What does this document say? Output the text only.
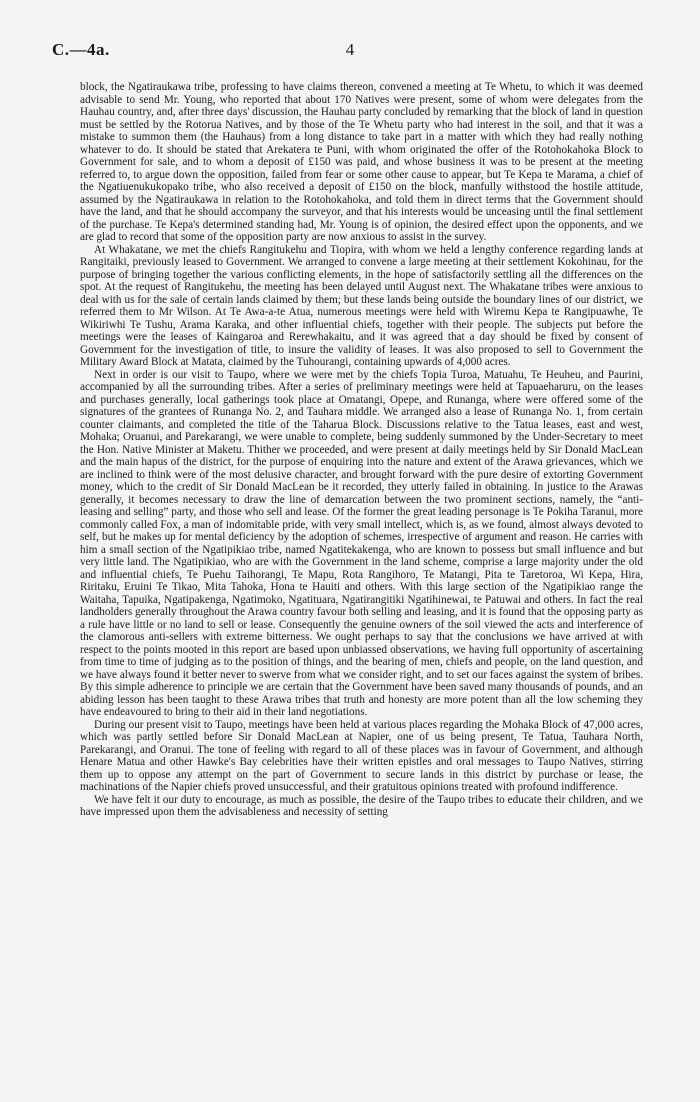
C.—4a.	4

block, the Ngatiraukawa tribe, professing to have claims thereon, convened a meeting at Te Whetu, to which it was deemed advisable to send Mr. Young, who reported that about 170 Natives were present, some of whom were delegates from the Hauhau country, and, after three days' discussion, the Hauhau party concluded by remarking that the block of land in question must be settled by the Rotorua Natives, and by those of the Te Whetu party who had interest in the soil, and that it was a mistake to summon them (the Hauhaus) from a long distance to take part in a matter with which they had really nothing whatever to do. It should be stated that Arekatera te Puni, with whom originated the offer of the Rotohokahoka Block to Government for sale, and to whom a deposit of £150 was paid, and whose business it was to be present at the meeting referred to, to argue down the opposition, failed from fear or some other cause to appear, but Te Kepa te Marama, a chief of the Ngatiuenukukopako tribe, who also received a deposit of £150 on the block, manfully withstood the hostile attitude, assumed by the Ngatiraukawa in relation to the Rotohokahoka, and told them in direct terms that the Government should have the land, and that he should accompany the surveyor, and that his interests would be unceasing until the final settlement of the purchase. Te Kepa's determined standing had, Mr. Young is of opinion, the desired effect upon the opponents, and we are glad to record that some of the opposition party are now anxious to assist in the survey.

At Whakatane, we met the chiefs Rangitukehu and Tiopira, with whom we held a lengthy conference regarding lands at Rangitaiki, previously leased to Government. We arranged to convene a large meeting at their settlement Kokohinau, for the purpose of bringing together the various conflicting elements, in the hope of satisfactorily settling all the differences on the spot. At the request of Rangitukehu, the meeting has been delayed until August next. The Whakatane tribes were anxious to deal with us for the sale of certain lands claimed by them; but these lands being outside the boundary lines of our district, we referred them to Mr Wilson. At Te Awa-a-te Atua, numerous meetings were held with Wiremu Kepa te Rangipuawhe, Te Wikiriwhi Te Tushu, Arama Karaka, and other influential chiefs, together with their people. The subjects put before the meetings were the leases of Kaingaroa and Rerewhakaitu, and it was agreed that a day should be fixed by consent of Government for the investigation of title, to insure the validity of leases. It was also proposed to sell to Government the Military Award Block at Matata, claimed by the Tuhourangi, containing upwards of 4,000 acres.

Next in order is our visit to Taupo, where we were met by the chiefs Topia Turoa, Matuahu, Te Heuheu, and Paurini, accompanied by all the surrounding tribes. After a series of preliminary meetings were held at Tapuaeharuru, on the leases and purchases generally, local gatherings took place at Omatangi, Opepe, and Runanga, where were offered some of the signatures of the grantees of Runanga No. 2, and Tauhara middle. We arranged also a lease of Runanga No. 1, from certain counter claimants, and completed the title of the Taharua Block. Discussions relative to the Tatua leases, east and west, Mohaka; Oruanui, and Parekarangi, we were unable to complete, being suddenly summoned by the Under-Secretary to meet the Hon. Native Minister at Maketu. Thither we proceeded, and were present at daily meetings held by Sir Donald MacLean and the main hapus of the district, for the purpose of enquiring into the nature and extent of the Arawa grievances, which we are inclined to think were of the most delusive character, and brought forward with the pure desire of extorting Government money, which to the credit of Sir Donald MacLean be it recorded, they utterly failed in obtaining. In justice to the Arawas generally, it becomes necessary to draw the line of demarcation between the two prominent sections, namely, the “anti-leasing and selling” party, and those who sell and lease. Of the former the great leading personage is Te Pokiha Taranui, more commonly called Fox, a man of indomitable pride, with very small intellect, which is, as we found, almost always devoted to self, but he makes up for mental deficiency by the adoption of schemes, irrespective of argument and reason. He carries with him a small section of the Ngatipikiao tribe, named Ngatitekakenga, who are known to possess but small influence and but very little land. The Ngatipikiao, who are with the Government in the land scheme, comprise a large majority under the old and influential chiefs, Te Puehu Taihorangi, Te Mapu, Rota Rangihoro, Te Matangi, Pita te Taretoroa, Wi Kepa, Hira, Riritaku, Eruini Te Tikao, Mita Tahoka, Hona te Hauiti and others. With this large section of the Ngatipikiao range the Waitaha, Tapuika, Ngatipakenga, Ngatimoko, Ngatituara, Ngatirangitiki Ngatihinewai, te Patuwai and others. In fact the real landholders generally throughout the Arawa country favour both selling and leasing, and it is found that the opposing party as a rule have little or no land to sell or lease. Consequently the genuine owners of the soil viewed the acts and interference of the clamorous anti-sellers with extreme bitterness. We ought perhaps to say that the conclusions we have arrived at with respect to the points mooted in this report are based upon unbiassed observations, we having full opportunity of ascertaining from time to time of judging as to the position of things, and the bearing of men, chiefs and people, on the land question, and we have always found it better never to swerve from what we consider right, and to set our faces against the system of bribes. By this simple adherence to principle we are certain that the Government have been saved many thousands of pounds, and an abiding lesson has been taught to these Arawa tribes that truth and honesty are more potent than all the low scheming they have endeavoured to bring to their aid in their land negotiations.

During our present visit to Taupo, meetings have been held at various places regarding the Mohaka Block of 47,000 acres, which was partly settled before Sir Donald MacLean at Napier, one of us being present, Te Tatua, Tauhara North, Parekarangi, and Oranui. The tone of feeling with regard to all of these places was in favour of Government, and although Henare Matua and other Hawke's Bay celebrities have their written epistles and oral messages to Taupo Natives, stirring them up to oppose any attempt on the part of Government to secure lands in this district by purchase or lease, the machinations of the Napier chiefs proved unsuccessful, and their gratuitous opinions treated with profound indifference.

We have felt it our duty to encourage, as much as possible, the desire of the Taupo tribes to educate their children, and we have impressed upon them the advisableness and necessity of setting
